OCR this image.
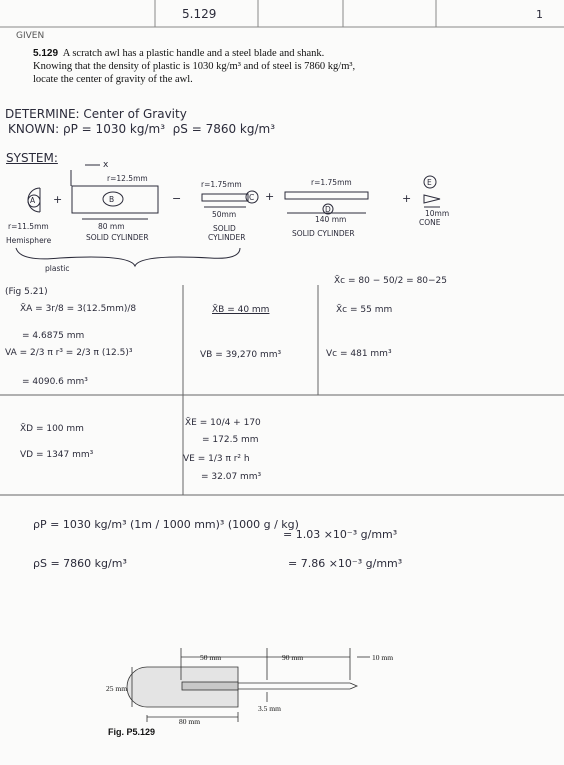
5.129	1
GIVEN
5.129 A scratch awl has a plastic handle and a steel blade and shank.
Knowing that the density of plastic is 1030 kg/m³ and of steel is 7860 kg/m³,
locate the center of gravity of the awl.
DETERMINE: Center of Gravity
KNOWN: ρP = 1030 kg/m³ ρS = 7860 kg/m³
SYSTEM:	x
A +	B
r=12.5mm
80 mm
r=11.5mm
Hemisphere	SOLID CYLINDER
−
r=1.75mm
C
50mm
SOLID
CYLINDER
+
r=1.75mm
D
140 mm
SOLID CYLINDER
+
E
10mm
CONE
plastic
(Fig 5.21)
X̄A = 3r/8 = 3(12.5mm)/8
= 4.6875 mm
VA = 2/3 π r³ = 2/3 π (12.5)³
= 4090.6 mm³
X̄B = 40 mm
VB = 39,270 mm³
X̄c = 80 − 50/2 = 80−25
X̄c = 55 mm
Vc = 481 mm³
X̄D = 100 mm
VD = 1347 mm³
X̄E = 10/4 + 170
= 172.5 mm
VE = 1/3 π r² h
= 32.07 mm³
ρP = 1030 kg/m³ (1m / 1000 mm)³ (1000 g / kg)
= 1.03 ×10⁻³ g/mm³
ρS = 7860 kg/m³	= 7.86 ×10⁻³ g/mm³
50 mm	90 mm	10 mm
25 mm
3.5 mm
80 mm
Fig. P5.129
